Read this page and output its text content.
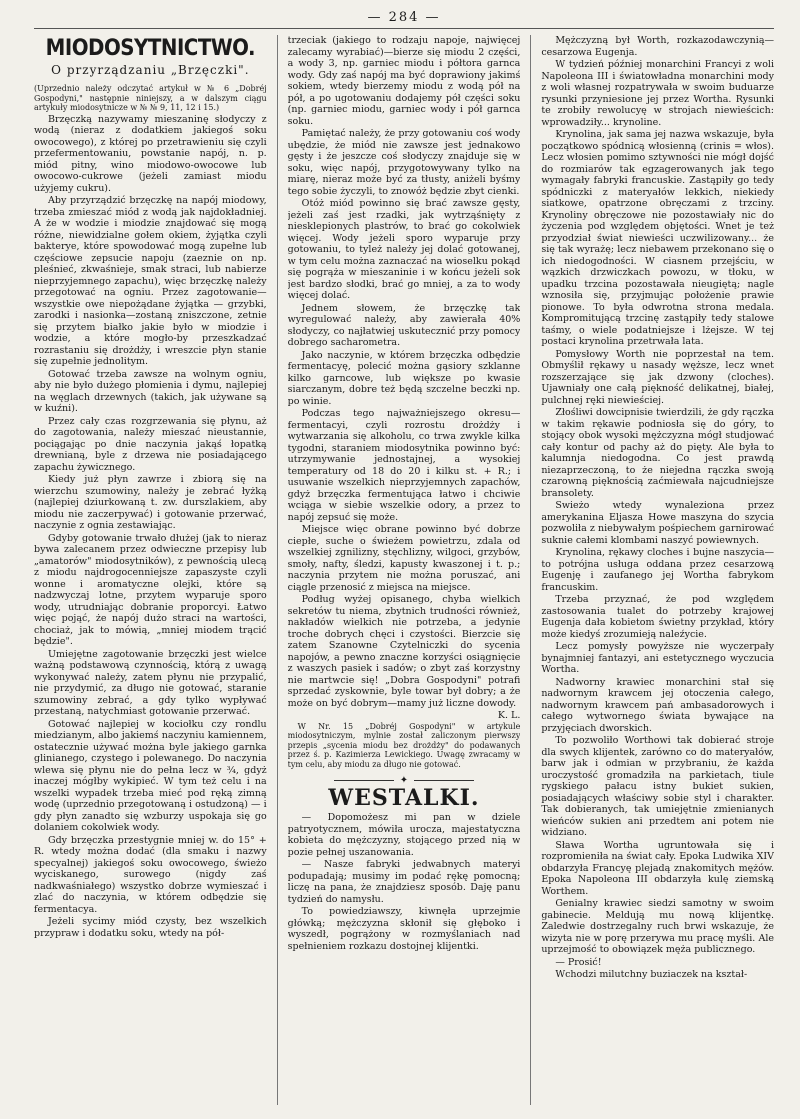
— 284 —
MIODOSYTNICTWO.
O przyrządzaniu „Brzęczki".

(Uprzednio należy odczytać artykuł w № 6 „Dobréj Gospodyni," następnie niniejszy, a w dalszym ciągu artykuły miodosytnicze w № № 9, 11, 12 i 15.)

Brzęczką nazywamy mieszaninę słodyczy z wodą (nieraz z dodatkiem jakiegoś soku owocowego), z której po przetrawieniu się czyli przefermentowaniu, powstanie napój, n. p. miód pitny, wino miodowo-owocowe lub owocowo-cukrowe (jeżeli zamiast miodu użyjemy cukru).

Aby przyrządzić brzęczkę na napój miodowy, trzeba zmieszać miód z wodą jak najdokładniej. A że w wodzie i miodzie znajdować się mogą różne, niewidzialne gołem okiem, żyjątka czyli bakterye, które spowodować mogą zupełne lub częściowe zepsucie napoju (zaeznie on np. pleśnieć, zkwaśnieje, smak straci, lub nabierze nieprzyjemnego zapachu), więc brzęczkę należy przegotować na ogniu. Przez zagotowanie—wszystkie owe niepożądane żyjątka — grzybki, zarodki i nasionka—zostaną zniszczone, zetnie się przytem białko jakie było w miodzie i wodzie, a które mogło-by przeszkadzać rozrastaniu się drożdży, i wreszcie płyn stanie się zupełnie jednolitym.

Gotować trzeba zawsze na wolnym ogniu, aby nie było dużego płomienia i dymu, najlepiej na węglach drzewnych (takich, jak używane są w kuźni).

Przez cały czas rozgrzewania się płynu, aż do zagotowania, należy mieszać nieustannie, pociągając po dnie naczynia jakąś łopatką drewnianą, byle z drzewa nie posiadającego zapachu żywicznego.

Kiedy już płyn zawrze i zbiorą się na wierzchu szumowiny, należy je zebrać łyżką (najlepiej dziurkowaną t. zw. durszlakiem, aby miodu nie zaczerpywać) i gotowanie przerwać, naczynie z ognia zestawiając.

Gdyby gotowanie trwało dłużej (jak to nieraz bywa zalecanem przez odwieczne przepisy lub „amatorów" miodosytników), z pewnością ulecą z miodu najdrogocenniejsze zapaszyste czyli wonne i aromatyczne olejki, które są nadzwyczaj lotne, przytem wyparuje sporo wody, utrudniając dobranie proporcyi. Łatwo więc pojąć, że napój dużo straci na wartości, chociaż, jak to mówią, „mniej miodem trącić będzie".

Umiejętne zagotowanie brzęczki jest wielce ważną podstawową czynnością, którą z uwagą wykonywać należy, zatem płynu nie przypalić, nie przydymić, za długo nie gotować, staranie szumowiny zebrać, a gdy tylko wypływać przestaną, natychmiast gotowanie przerwać.

Gotować najlepiej w kociołku czy rondlu miedzianym, albo jakiemś naczyniu kamiennem, ostatecznie używać można byle jakiego garnka glinianego, czystego i polewanego. Do naczynia wlewa się płynu nie do pełna lecz w ¾, gdyż inaczej mógłby wykipieć. W tym też celu i na wszelki wypadek trzeba mieć pod ręką zimną wodę (uprzednio przegotowaną i ostudzoną) — i gdy płyn zanadto się wzburzy uspokaja się go dolaniem cokolwiek wody.

Gdy brzęczka przestygnie mniej w. do 15° + R. wtedy można dodać (dla smaku i nazwy specyalnej) jakiegoś soku owocowego, świeżo wyciskanego, surowego (nigdy zaś nadkwaśniałego) wszystko dobrze wymieszać i zlać do naczynia, w którem odbędzie się fermentacya.

Jeżeli sycimy miód czysty, bez wszelkich przypraw i dodatku soku, wtedy na pół-

trzeciak (jakiego to rodzaju napoje, najwięcej zalecamy wyrabiać)—bierze się miodu 2 części, a wody 3, np. garniec miodu i półtora garnca wody. Gdy zaś napój ma być doprawiony jakimś sokiem, wtedy bierzemy miodu z wodą pół na pół, a po ugotowaniu dodajemy pół części soku (np. garniec miodu, garniec wody i pół garnca soku.

Pamiętać należy, że przy gotowaniu coś wody ubędzie, że miód nie zawsze jest jednakowo gęsty i że jeszcze coś słodyczy znajduje się w soku, więc napój, przygotowywany tylko na miarę, nieraz może być za tłusty, aniżeli byśmy tego sobie życzyli, to znowóż będzie zbyt cienki.

Otóż miód powinno się brać zawsze gęsty, jeżeli zaś jest rzadki, jak wytrząśnięty z niesklepionych plastrów, to brać go cokolwiek więcej. Wody jeżeli sporo wyparuje przy gotowaniu, to tyleż należy jej dolać gotowanej, w tym celu można zaznaczać na wioselku pokąd się pogrąża w mieszaninie i w końcu jeżeli sok jest bardzo słodki, brać go mniej, a za to wody więcej dolać.

Jednem słowem, że brzęczkę tak wyregulować należy, aby zawierała 40% słodyczy, co najłatwiej uskutecznić przy pomocy dobrego sacharometra.

Jako naczynie, w którem brzęczka odbędzie fermentacyę, polecić można gąsiory szklanne kilko garncowe, lub większe po kwasie siarczanym, dobre też będą szczelne beczki np. po winie.

Podczas tego najważniejszego okresu—fermentacyi, czyli rozrostu drożdży i wytwarzania się alkoholu, co trwa zwykle kilka tygodni, staraniem miodosytnika powinno być: utrzymywanie jednostajnej, a wysokiej temperatury od 18 do 20 i kilku st. + R.; i usuwanie wszelkich nieprzyjemnych zapachów, gdyż brzęczka fermentująca łatwo i chciwie wciąga w siebie wszelkie odory, a przez to napój zepsuć się może.

Miejsce więc obrane powinno być dobrze ciepłe, suche o świeżem powietrzu, zdala od wszelkiej zgnilizny, stęchlizny, wilgoci, grzybów, smoły, nafty, śledzi, kapusty kwaszonej i t. p.; naczynia przytem nie można poruszać, ani ciągle przenosić z miejsca na miejsce.

Podług wyżej opisanego, chyba wielkich sekretów tu niema, zbytnich trudności również, nakładów wielkich nie potrzeba, a jedynie troche dobrych chęci i czystości. Bierzcie się zatem Szanowne Czytelniczki do sycenia napojów, a pewno znaczne korzyści osiągnięcie z waszych pasiek i sadów; o zbyt zaś korzystny nie martwcie się! „Dobra Gospodyni" potrafi sprzedać zyskownie, byle towar był dobry; a że może on być dobrym—mamy już liczne dowody.

K. L.

W Nr. 15 „Dobréj Gospodyni" w artykule miodosytniczym, mylnie został zaliczonym pierwszy przepis „sycenia miodu bez drożdży" do podawanych przez ś. p. Kazimierza Lewickiego. Uwagę zwracamy w tym celu, aby miodu za długo nie gotować.

✦
WESTALKI.

— Dopomożesz mi pan w dziele patryotycznem, mówiła urocza, majestatyczna kobieta do mężczyzny, stojącego przed nią w pozie pełnej uszanowania.

— Nasze fabryki jedwabnych materyi podupadają; musimy im podać rękę pomocną; liczę na pana, że znajdziesz sposób. Daję panu tydzień do namysłu.

To powiedziawszy, kiwnęła uprzejmie główką; mężczyzna skłonił się głęboko i wyszedł, pogrążony w rozmyślaniach nad spełnieniem rozkazu dostojnej klijentki.

Mężczyzną był Worth, rozkazodawczynią—cesarzowa Eugenja.

W tydzień później monarchini Francyi z woli Napoleona III i światowładna monarchini mody z woli własnej rozpatrywała w swoim buduarze rysunki przyniesione jej przez Wortha. Rysunki te zrobiły rewolucyę w strojach niewieścich: wprowadziły... krynoline.

Krynolina, jak sama jej nazwa wskazuje, była początkowo spódnicą włosienną (crinis = włos). Lecz włosien pomimo sztywności nie mógł dojść do rozmiarów tak egzagerowanych jak tego wymagały fabryki francuskie. Zastąpiły go tedy spódniczki z materyałów lekkich, niekiedy siatkowe, opatrzone obręczami z trzciny. Krynoliny obręczowe nie pozostawiały nic do życzenia pod względem objętości. Wnet je też przyodział świat niewieści uczwilizowany... że się tak wyrażę; lecz niebawem przekonano się o ich niedogodności. W ciasnem przejściu, w wązkich drzwiczkach powozu, w tłoku, w upadku trzcina pozostawała nieugiętą; nagle wznosiła się, przyjmując położenie prawie pionowe. To była odwrotna strona medala. Kompromitującą trzcinę zastąpiły tedy stalowe taśmy, o wiele podatniejsze i lżejsze. W tej postaci krynolina przetrwała lata.

Pomysłowy Worth nie poprzestał na tem. Obmyślił rękawy u nasady węższe, lecz wnet rozszerzające się jak dzwony (cloches). Ujawniały one całą piękność delikatnej, białej, pulchnej ręki niewieściej.

Złośliwi dowcipnisie twierdzili, że gdy rączka w takim rękawie podniosła się do góry, to stojący obok wysoki mężczyzna mógł studjować cały kontur od pachy aż do pięty. Ale była to kalumnja niedogodna. Co jest prawdą niezaprzeczoną, to że niejedna rączka swoją czarowną pięknością zaćmiewała najcudniejsze bransolety.

Swieżo wtedy wynaleziona przez amerykanina Eljasza Howe maszyna do szycia pozwoliła z niebywałym pośpiechem garnirować suknie całemi klombami naszyć powiewnych.

Krynolina, rękawy cloches i bujne naszycia—to potrójna usługa oddana przez cesarzową Eugenję i zaufanego jej Wortha fabrykom francuskim.

Trzeba przyznać, że pod względem zastosowania tualet do potrzeby krajowej Eugenja dała kobietom świetny przykład, który może kiedyś zrozumieją naleźycie.

Lecz pomysły powyższe nie wyczerpały bynajmniej fantazyi, ani estetycznego wyczucia Wortha.

Nadworny krawiec monarchini stał się nadwornym krawcem jej otoczenia całego, nadwornym krawcem pań ambasadorowych i całego wytwornego świata bywające na przyjęciach dworskich.

To pozwoliło Worthowi tak dobierać stroje dla swych klijentek, zarówno co do materyałów, barw jak i odmian w przybraniu, że każda uroczystość gromadziła na parkietach, tiule rygskiego pałacu istny bukiet sukien, posiadających właściwy sobie styl i charakter. Tak dobieranych, tak umiejętnie zmienianych wieńców sukien ani przedtem ani potem nie widziano.

Sława Wortha ugruntowała się i rozpromieniła na świat cały. Epoka Ludwika XIV obdarzyła Francyę plejadą znakomitych mężów. Epoka Napoleona III obdarzyła kulę ziemską Worthem.

Genialny krawiec siedzi samotny w swoim gabinecie. Meldują mu nową klijentkę. Zaledwie dostrzegalny ruch brwi wskazuje, że wizyta nie w porę przerywa mu pracę myśli. Ale uprzejmość to obowiązek męża publicznego.

— Prosić!

Wchodzi milutchny buziaczek na kształ-
